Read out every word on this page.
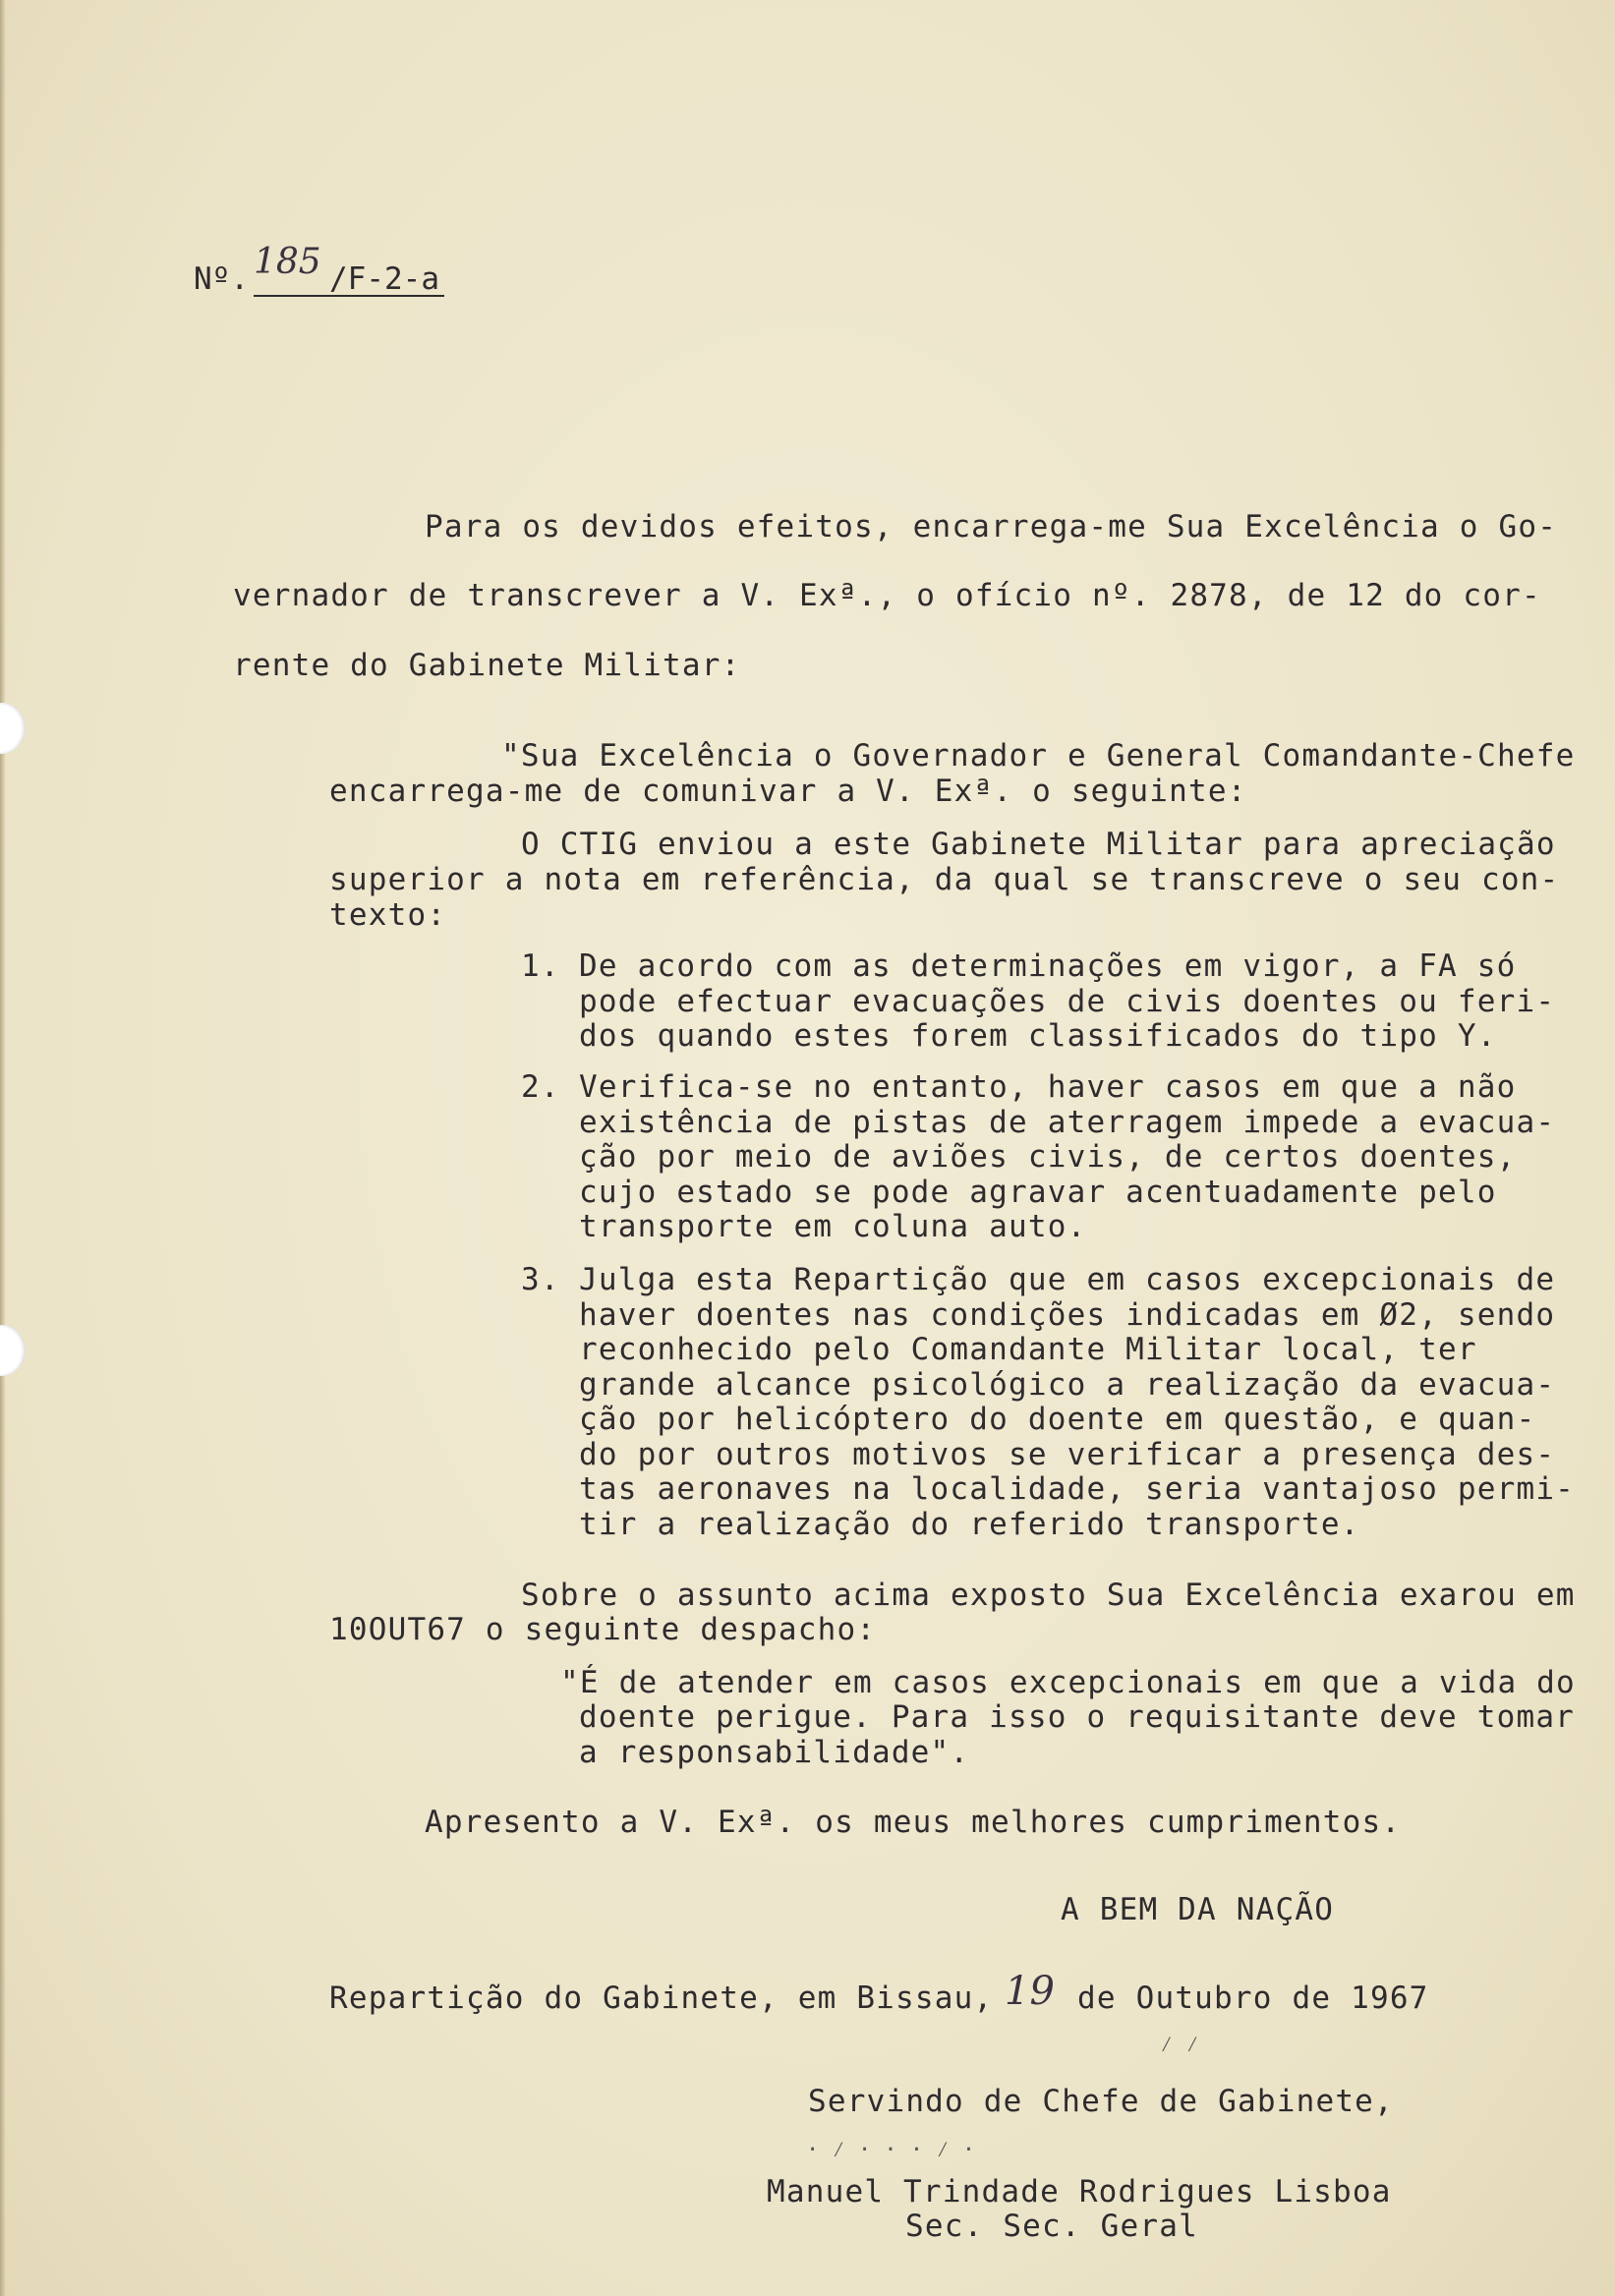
Nº. 185 /F-2-a
Para os devidos efeitos, encarrega-me Sua Excelência o Go-
vernador de transcrever a V. Exª., o ofício nº. 2878, de 12 do cor-
rente do Gabinete Militar:
"Sua Excelência o Governador e General Comandante-Chefe
encarrega-me de comunivar a V. Exª. o seguinte:
O CTIG enviou a este Gabinete Militar para apreciação
superior a nota em referência, da qual se transcreve o seu con-
texto:
1. De acordo com as determinações em vigor, a FA só
pode efectuar evacuações de civis doentes ou feri-
dos quando estes forem classificados do tipo Y.
2. Verifica-se no entanto, haver casos em que a não
existência de pistas de aterragem impede a evacua-
ção por meio de aviões civis, de certos doentes,
cujo estado se pode agravar acentuadamente pelo
transporte em coluna auto.
3. Julga esta Repartição que em casos excepcionais de
haver doentes nas condições indicadas em Ø2, sendo
reconhecido pelo Comandante Militar local, ter
grande alcance psicológico a realização da evacua-
ção por helicóptero do doente em questão, e quan-
do por outros motivos se verificar a presença des-
tas aeronaves na localidade, seria vantajoso permi-
tir a realização do referido transporte.
Sobre o assunto acima exposto Sua Excelência exarou em
10OUT67 o seguinte despacho:
"É de atender em casos excepcionais em que a vida do
doente perigue. Para isso o requisitante deve tomar
a responsabilidade".
Apresento a V. Exª. os meus melhores cumprimentos.
A BEM DA NAÇÃO
Repartição do Gabinete, em Bissau, 19 de Outubro de 1967
⁄ ⁄
Servindo de Chefe de Gabinete,
· ⁄ · · · ⁄ ·
Manuel Trindade Rodrigues Lisboa
Sec. Sec. Geral
